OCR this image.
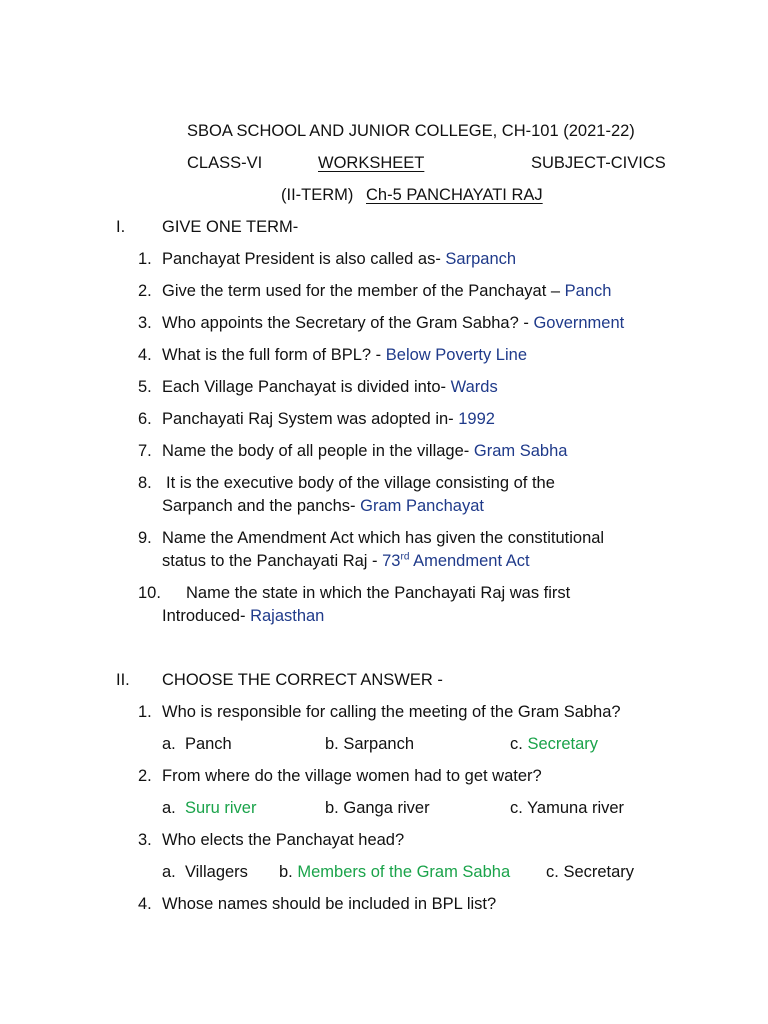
SBOA SCHOOL AND JUNIOR COLLEGE, CH-101 (2021-22)
CLASS-VI	WORKSHEET	SUBJECT-CIVICS
(II-TERM) Ch-5 PANCHAYATI RAJ
I. GIVE ONE TERM-
1. Panchayat President is also called as- Sarpanch
2. Give the term used for the member of the Panchayat – Panch
3. Who appoints the Secretary of the Gram Sabha? - Government
4. What is the full form of BPL? - Below Poverty Line
5. Each Village Panchayat is divided into- Wards
6. Panchayati Raj System was adopted in- 1992
7. Name the body of all people in the village- Gram Sabha
8. It is the executive body of the village consisting of the
Sarpanch and the panchs- Gram Panchayat
9. Name the Amendment Act which has given the constitutional
status to the Panchayati Raj - 73rd Amendment Act
10. Name the state in which the Panchayati Raj was first
Introduced- Rajasthan
II. CHOOSE THE CORRECT ANSWER -
1. Who is responsible for calling the meeting of the Gram Sabha?
a. Panch	b. Sarpanch	c. Secretary
2. From where do the village women had to get water?
a. Suru river	b. Ganga river	c. Yamuna river
3. Who elects the Panchayat head?
a. Villagers b. Members of the Gram Sabha c. Secretary
4. Whose names should be included in BPL list?
